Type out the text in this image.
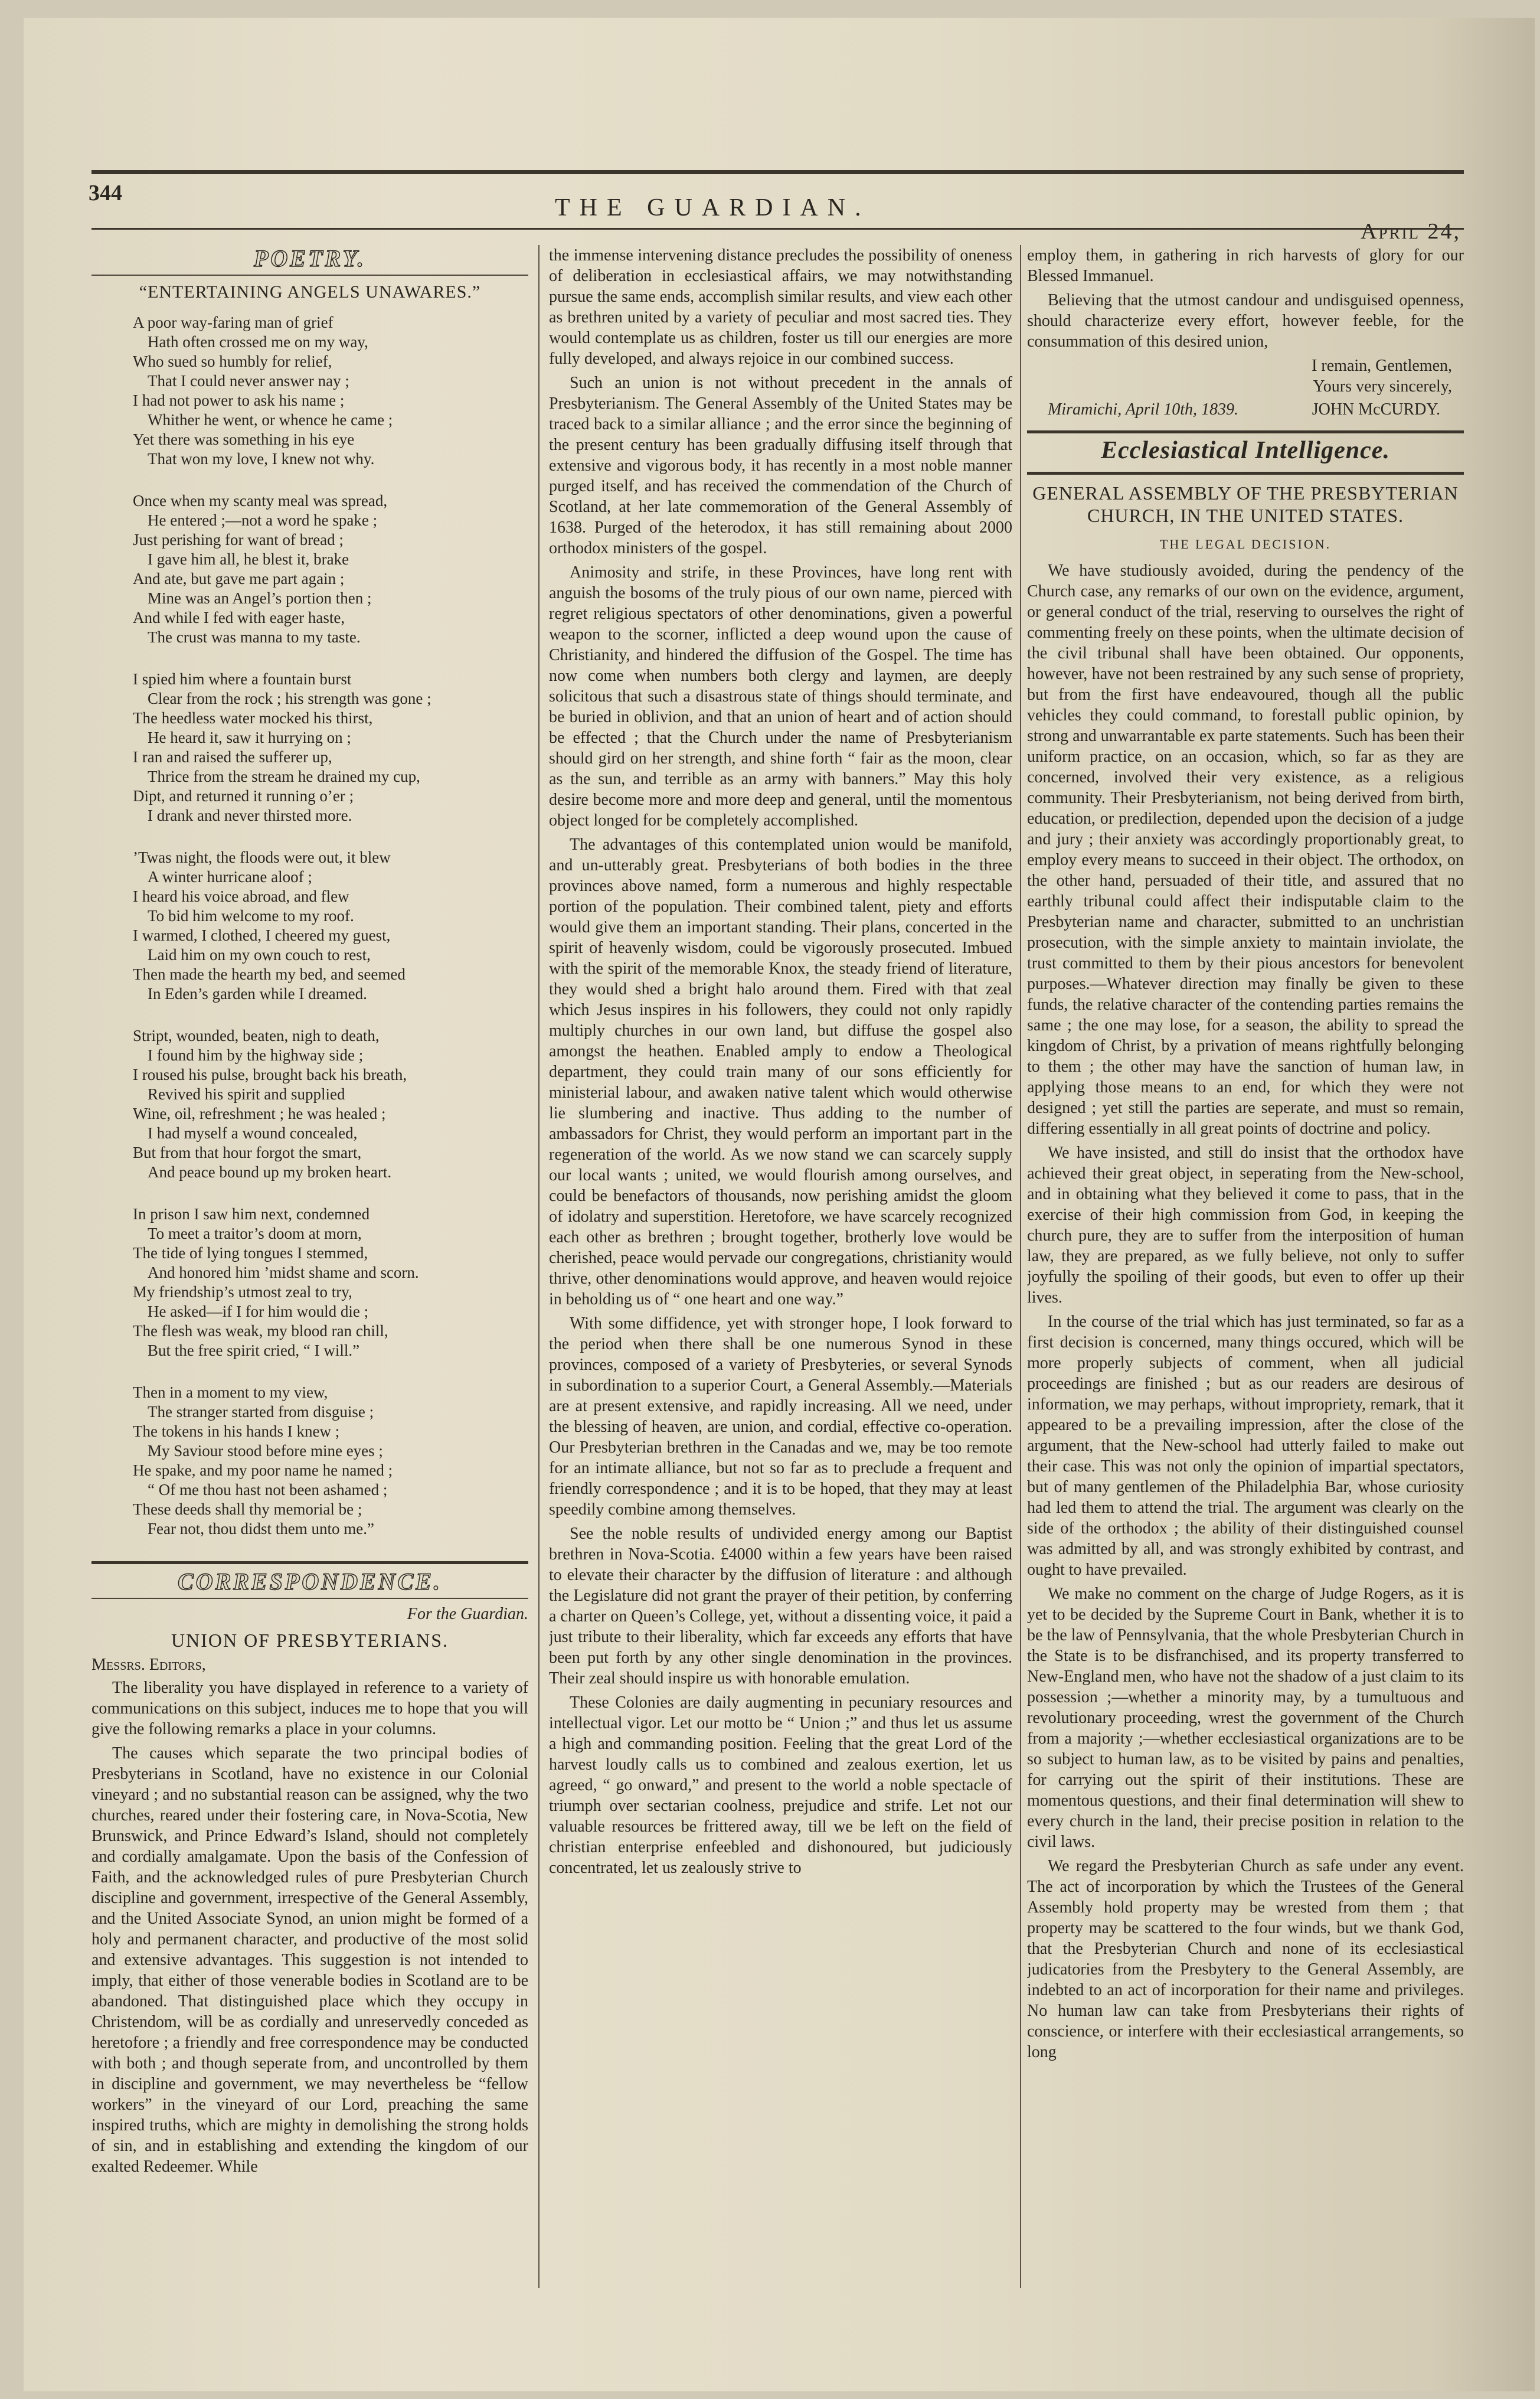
344
THE GUARDIAN.
April 24,
POETRY.
“ENTERTAINING ANGELS UNAWARES.”
A poor way-faring man of grief
Hath often crossed me on my way,
Who sued so humbly for relief,
That I could never answer nay ;
I had not power to ask his name ;
Whither he went, or whence he came ;
Yet there was something in his eye
That won my love, I knew not why.
Once when my scanty meal was spread,
He entered ;—not a word he spake ;
Just perishing for want of bread ;
I gave him all, he blest it, brake
And ate, but gave me part again ;
Mine was an Angel’s portion then ;
And while I fed with eager haste,
The crust was manna to my taste.
I spied him where a fountain burst
Clear from the rock ; his strength was gone ;
The heedless water mocked his thirst,
He heard it, saw it hurrying on ;
I ran and raised the sufferer up,
Thrice from the stream he drained my cup,
Dipt, and returned it running o’er ;
I drank and never thirsted more.
’Twas night, the floods were out, it blew
A winter hurricane aloof ;
I heard his voice abroad, and flew
To bid him welcome to my roof.
I warmed, I clothed, I cheered my guest,
Laid him on my own couch to rest,
Then made the hearth my bed, and seemed
In Eden’s garden while I dreamed.
Stript, wounded, beaten, nigh to death,
I found him by the highway side ;
I roused his pulse, brought back his breath,
Revived his spirit and supplied
Wine, oil, refreshment ; he was healed ;
I had myself a wound concealed,
But from that hour forgot the smart,
And peace bound up my broken heart.
In prison I saw him next, condemned
To meet a traitor’s doom at morn,
The tide of lying tongues I stemmed,
And honored him ’midst shame and scorn.
My friendship’s utmost zeal to try,
He asked—if I for him would die ;
The flesh was weak, my blood ran chill,
But the free spirit cried, “ I will.”
Then in a moment to my view,
The stranger started from disguise ;
The tokens in his hands I knew ;
My Saviour stood before mine eyes ;
He spake, and my poor name he named ;
“ Of me thou hast not been ashamed ;
These deeds shall thy memorial be ;
Fear not, thou didst them unto me.”
CORRESPONDENCE.
For the Guardian.
UNION OF PRESBYTERIANS.
Messrs. Editors,

The liberality you have displayed in reference to a variety of communications on this subject, induces me to hope that you will give the following remarks a place in your columns.

The causes which separate the two principal bodies of Presbyterians in Scotland, have no existence in our Colonial vineyard ; and no substantial reason can be assigned, why the two churches, reared under their fostering care, in Nova-Scotia, New Brunswick, and Prince Edward’s Island, should not completely and cordially amalgamate. Upon the basis of the Confession of Faith, and the acknowledged rules of pure Presbyterian Church discipline and government, irrespective of the General Assembly, and the United Associate Synod, an union might be formed of a holy and permanent character, and productive of the most solid and extensive advantages. This suggestion is not intended to imply, that either of those venerable bodies in Scotland are to be abandoned. That distinguished place which they occupy in Christendom, will be as cordially and unreservedly conceded as heretofore ; a friendly and free correspondence may be conducted with both ; and though seperate from, and uncontrolled by them in discipline and government, we may nevertheless be “fellow workers” in the vineyard of our Lord, preaching the same inspired truths, which are mighty in demolishing the strong holds of sin, and in establishing and extending the kingdom of our exalted Redeemer. While

the immense intervening distance precludes the possibility of oneness of deliberation in ecclesiastical affairs, we may notwithstanding pursue the same ends, accomplish similar results, and view each other as brethren united by a variety of peculiar and most sacred ties. They would contemplate us as children, foster us till our energies are more fully developed, and always rejoice in our combined success.

Such an union is not without precedent in the annals of Presbyterianism. The General Assembly of the United States may be traced back to a similar alliance ; and the error since the beginning of the present century has been gradually diffusing itself through that extensive and vigorous body, it has recently in a most noble manner purged itself, and has received the commendation of the Church of Scotland, at her late commemoration of the General Assembly of 1638. Purged of the heterodox, it has still remaining about 2000 orthodox ministers of the gospel.

Animosity and strife, in these Provinces, have long rent with anguish the bosoms of the truly pious of our own name, pierced with regret religious spectators of other denominations, given a powerful weapon to the scorner, inflicted a deep wound upon the cause of Christianity, and hindered the diffusion of the Gospel. The time has now come when numbers both clergy and laymen, are deeply solicitous that such a disastrous state of things should terminate, and be buried in oblivion, and that an union of heart and of action should be effected ; that the Church under the name of Presbyterianism should gird on her strength, and shine forth “ fair as the moon, clear as the sun, and terrible as an army with banners.” May this holy desire become more and more deep and general, until the momentous object longed for be completely accomplished.

The advantages of this contemplated union would be manifold, and un-utterably great. Presbyterians of both bodies in the three provinces above named, form a numerous and highly respectable portion of the population. Their combined talent, piety and efforts would give them an important standing. Their plans, concerted in the spirit of heavenly wisdom, could be vigorously prosecuted. Imbued with the spirit of the memorable Knox, the steady friend of literature, they would shed a bright halo around them. Fired with that zeal which Jesus inspires in his followers, they could not only rapidly multiply churches in our own land, but diffuse the gospel also amongst the heathen. Enabled amply to endow a Theological department, they could train many of our sons efficiently for ministerial labour, and awaken native talent which would otherwise lie slumbering and inactive. Thus adding to the number of ambassadors for Christ, they would perform an important part in the regeneration of the world. As we now stand we can scarcely supply our local wants ; united, we would flourish among ourselves, and could be benefactors of thousands, now perishing amidst the gloom of idolatry and superstition. Heretofore, we have scarcely recognized each other as brethren ; brought together, brotherly love would be cherished, peace would pervade our congregations, christianity would thrive, other denominations would approve, and heaven would rejoice in beholding us of “ one heart and one way.”

With some diffidence, yet with stronger hope, I look forward to the period when there shall be one numerous Synod in these provinces, composed of a variety of Presbyteries, or several Synods in subordination to a superior Court, a General Assembly.—Materials are at present extensive, and rapidly increasing. All we need, under the blessing of heaven, are union, and cordial, effective co-operation. Our Presbyterian brethren in the Canadas and we, may be too remote for an intimate alliance, but not so far as to preclude a frequent and friendly correspondence ; and it is to be hoped, that they may at least speedily combine among themselves.

See the noble results of undivided energy among our Baptist brethren in Nova-Scotia. £4000 within a few years have been raised to elevate their character by the diffusion of literature : and although the Legislature did not grant the prayer of their petition, by conferring a charter on Queen’s College, yet, without a dissenting voice, it paid a just tribute to their liberality, which far exceeds any efforts that have been put forth by any other single denomination in the provinces. Their zeal should inspire us with honorable emulation.

These Colonies are daily augmenting in pecuniary resources and intellectual vigor. Let our motto be “ Union ;” and thus let us assume a high and commanding position. Feeling that the great Lord of the harvest loudly calls us to combined and zealous exertion, let us agreed, “ go onward,” and present to the world a noble spectacle of triumph over sectarian coolness, prejudice and strife. Let not our valuable resources be frittered away, till we be left on the field of christian enterprise enfeebled and dishonoured, but judiciously concentrated, let us zealously strive to

employ them, in gathering in rich harvests of glory for our Blessed Immanuel.

Believing that the utmost candour and undisguised openness, should characterize every effort, however feeble, for the consummation of this desired union,

I remain, Gentlemen,
Yours very sincerely,
Miramichi, April 10th, 1839.	JOHN McCURDY.
Ecclesiastical Intelligence.
GENERAL ASSEMBLY OF THE PRESBYTERIAN CHURCH, IN THE UNITED STATES.
THE LEGAL DECISION.

We have studiously avoided, during the pendency of the Church case, any remarks of our own on the evidence, argument, or general conduct of the trial, reserving to ourselves the right of commenting freely on these points, when the ultimate decision of the civil tribunal shall have been obtained. Our opponents, however, have not been restrained by any such sense of propriety, but from the first have endeavoured, though all the public vehicles they could command, to forestall public opinion, by strong and unwarrantable ex parte statements. Such has been their uniform practice, on an occasion, which, so far as they are concerned, involved their very existence, as a religious community. Their Presbyterianism, not being derived from birth, education, or predilection, depended upon the decision of a judge and jury ; their anxiety was accordingly proportionably great, to employ every means to succeed in their object. The orthodox, on the other hand, persuaded of their title, and assured that no earthly tribunal could affect their indisputable claim to the Presbyterian name and character, submitted to an unchristian prosecution, with the simple anxiety to maintain inviolate, the trust committed to them by their pious ancestors for benevolent purposes.—Whatever direction may finally be given to these funds, the relative character of the contending parties remains the same ; the one may lose, for a season, the ability to spread the kingdom of Christ, by a privation of means rightfully belonging to them ; the other may have the sanction of human law, in applying those means to an end, for which they were not designed ; yet still the parties are seperate, and must so remain, differing essentially in all great points of doctrine and policy.

We have insisted, and still do insist that the orthodox have achieved their great object, in seperating from the New-school, and in obtaining what they believed it come to pass, that in the exercise of their high commission from God, in keeping the church pure, they are to suffer from the interposition of human law, they are prepared, as we fully believe, not only to suffer joyfully the spoiling of their goods, but even to offer up their lives.

In the course of the trial which has just terminated, so far as a first decision is concerned, many things occured, which will be more properly subjects of comment, when all judicial proceedings are finished ; but as our readers are desirous of information, we may perhaps, without impropriety, remark, that it appeared to be a prevailing impression, after the close of the argument, that the New-school had utterly failed to make out their case. This was not only the opinion of impartial spectators, but of many gentlemen of the Philadelphia Bar, whose curiosity had led them to attend the trial. The argument was clearly on the side of the orthodox ; the ability of their distinguished counsel was admitted by all, and was strongly exhibited by contrast, and ought to have prevailed.

We make no comment on the charge of Judge Rogers, as it is yet to be decided by the Supreme Court in Bank, whether it is to be the law of Pennsylvania, that the whole Presbyterian Church in the State is to be disfranchised, and its property transferred to New-England men, who have not the shadow of a just claim to its possession ;—whether a minority may, by a tumultuous and revolutionary proceeding, wrest the government of the Church from a majority ;—whether ecclesiastical organizations are to be so subject to human law, as to be visited by pains and penalties, for carrying out the spirit of their institutions. These are momentous questions, and their final determination will shew to every church in the land, their precise position in relation to the civil laws.

We regard the Presbyterian Church as safe under any event. The act of incorporation by which the Trustees of the General Assembly hold property may be wrested from them ; that property may be scattered to the four winds, but we thank God, that the Presbyterian Church and none of its ecclesiastical judicatories from the Presbytery to the General Assembly, are indebted to an act of incorporation for their name and privileges. No human law can take from Presbyterians their rights of conscience, or interfere with their ecclesiastical arrangements, so long
